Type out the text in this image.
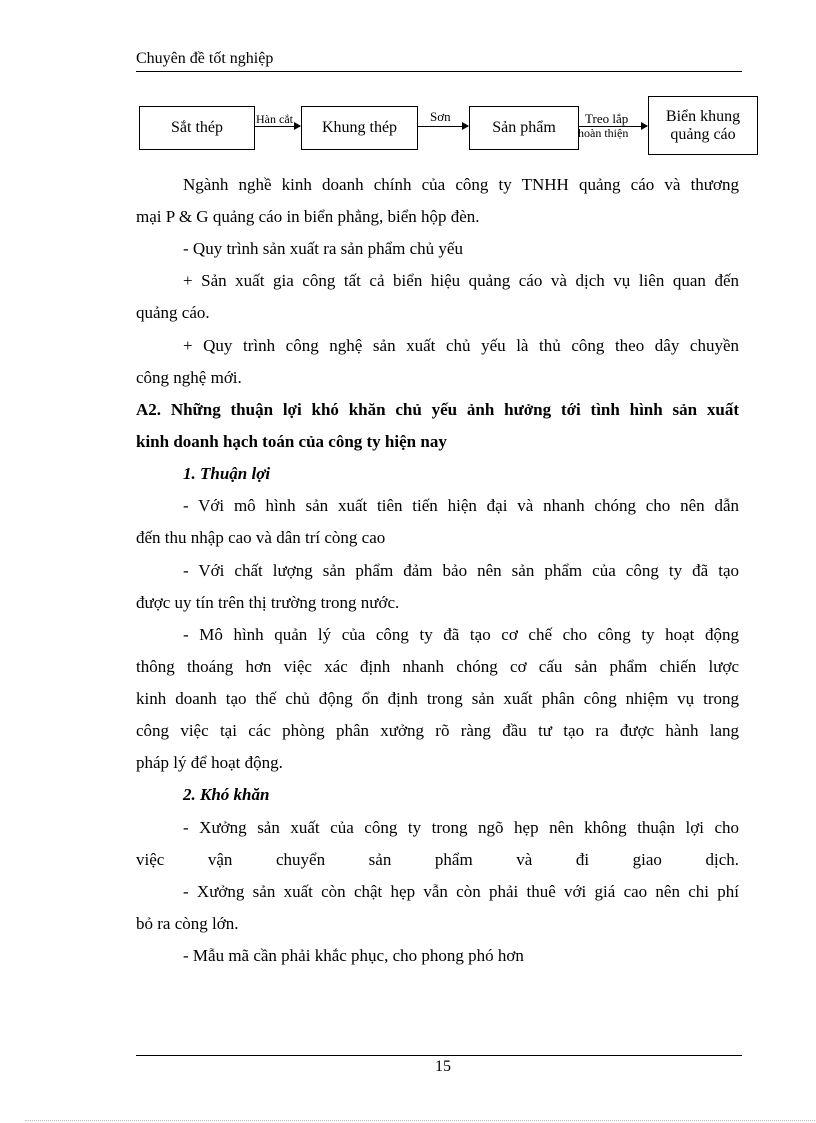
Chuyên đề tốt nghiệp
Sắt thép	Hàn cắt Khung thép
Sơn
Sản phẩm
Treo lắp
hoàn thiện
Biển khung
quảng cáo
Ngành nghề kinh doanh chính của công ty TNHH quảng cáo và thương
mại P & G quảng cáo in biển phẳng, biển hộp đèn.
- Quy trình sản xuất ra sản phẩm chủ yếu
+ Sản xuất gia công tất cả biển hiệu quảng cáo và dịch vụ liên quan đến
quảng cáo.
+ Quy trình công nghệ sản xuất chủ yếu là thủ công theo dây chuyền
công nghệ mới.
A2. Những thuận lợi khó khăn chủ yếu ảnh hưởng tới tình hình sản xuất
kinh doanh hạch toán của công ty hiện nay
1. Thuận lợi
- Với mô hình sản xuất tiên tiến hiện đại và nhanh chóng cho nên dẫn
đến thu nhập cao và dân trí còng cao
- Với chất lượng sản phẩm đảm bảo nên sản phẩm của công ty đã tạo
được uy tín trên thị trường trong nước.
- Mô hình quản lý của công ty đã tạo cơ chế cho công ty hoạt động
thông thoáng hơn việc xác định nhanh chóng cơ cấu sản phẩm chiến lược
kinh doanh tạo thế chủ động ổn định trong sản xuất phân công nhiệm vụ trong
công việc tại các phòng phân xưởng rõ ràng đầu tư tạo ra được hành lang
pháp lý để hoạt động.
2. Khó khăn
- Xưởng sản xuất của công ty trong ngõ hẹp nên không thuận lợi cho
việc vận chuyển sản phẩm và đi giao dịch.
- Xưởng sản xuất còn chật hẹp vẫn còn phải thuê với giá cao nên chi phí
bỏ ra còng lớn.
- Mẫu mã cần phải khắc phục, cho phong phó hơn
15
